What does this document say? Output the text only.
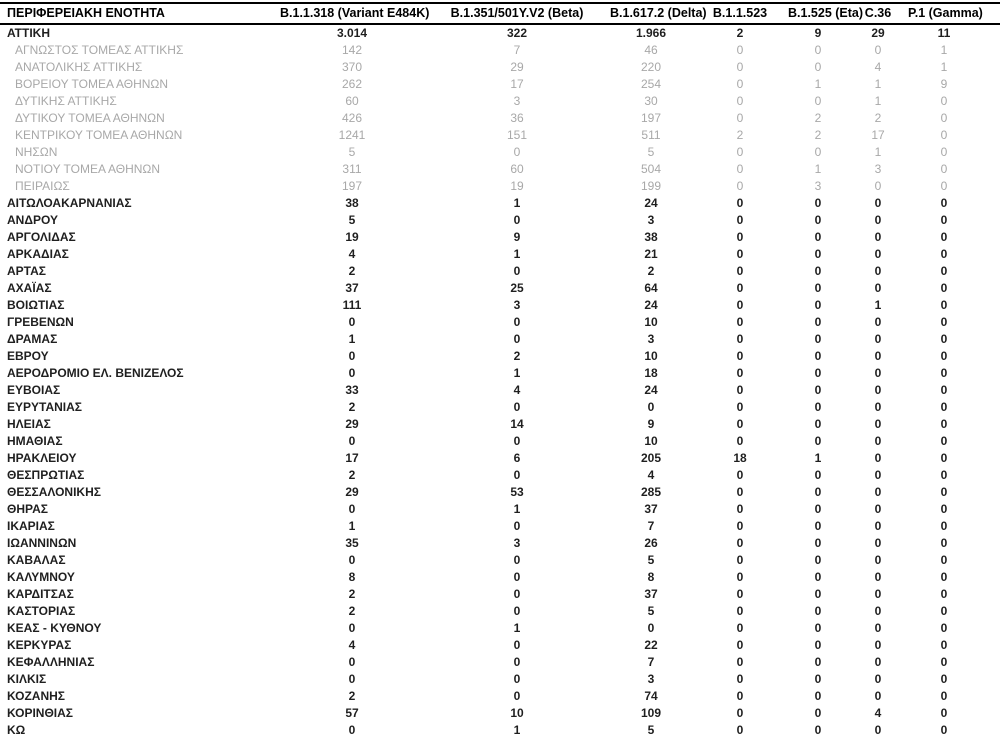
ΠΕΡΙΦΕΡΕΙΑΚΗ ΕΝΟΤΗΤΑ	B.1.1.318 (Variant E484K)	B.1.351/501Y.V2 (Beta)	B.1.617.2 (Delta)	B.1.1.523	B.1.525 (Eta)	C.36	P.1 (Gamma)	
ΑΤΤΙΚΗ	3.014	322	1.966	2	9	29	11	
ΑΓΝΩΣΤΟΣ ΤΟΜΕΑΣ ΑΤΤΙΚΗΣ	142	7	46	0	0	0	1	
ΑΝΑΤΟΛΙΚΗΣ ΑΤΤΙΚΗΣ	370	29	220	0	0	4	1	
ΒΟΡΕΙΟΥ ΤΟΜΕΑ ΑΘΗΝΩΝ	262	17	254	0	1	1	9	
ΔΥΤΙΚΗΣ ΑΤΤΙΚΗΣ	60	3	30	0	0	1	0	
ΔΥΤΙΚΟΥ ΤΟΜΕΑ ΑΘΗΝΩΝ	426	36	197	0	2	2	0	
ΚΕΝΤΡΙΚΟΥ ΤΟΜΕΑ ΑΘΗΝΩΝ	1241	151	511	2	2	17	0	
ΝΗΣΩΝ	5	0	5	0	0	1	0	
ΝΟΤΙΟΥ ΤΟΜΕΑ ΑΘΗΝΩΝ	311	60	504	0	1	3	0	
ΠΕΙΡΑΙΩΣ	197	19	199	0	3	0	0	
ΑΙΤΩΛΟΑΚΑΡΝΑΝΙΑΣ	38	1	24	0	0	0	0	
ΑΝΔΡΟΥ	5	0	3	0	0	0	0	
ΑΡΓΟΛΙΔΑΣ	19	9	38	0	0	0	0	
ΑΡΚΑΔΙΑΣ	4	1	21	0	0	0	0	
ΑΡΤΑΣ	2	0	2	0	0	0	0	
ΑΧΑΪΑΣ	37	25	64	0	0	0	0	
ΒΟΙΩΤΙΑΣ	111	3	24	0	0	1	0	
ΓΡΕΒΕΝΩΝ	0	0	10	0	0	0	0	
ΔΡΑΜΑΣ	1	0	3	0	0	0	0	
ΕΒΡΟΥ	0	2	10	0	0	0	0	
ΑΕΡΟΔΡΟΜΙΟ ΕΛ. ΒΕΝΙΖΕΛΟΣ	0	1	18	0	0	0	0	
ΕΥΒΟΙΑΣ	33	4	24	0	0	0	0	
ΕΥΡΥΤΑΝΙΑΣ	2	0	0	0	0	0	0	
ΗΛΕΙΑΣ	29	14	9	0	0	0	0	
ΗΜΑΘΙΑΣ	0	0	10	0	0	0	0	
ΗΡΑΚΛΕΙΟΥ	17	6	205	18	1	0	0	
ΘΕΣΠΡΩΤΙΑΣ	2	0	4	0	0	0	0	
ΘΕΣΣΑΛΟΝΙΚΗΣ	29	53	285	0	0	0	0	
ΘΗΡΑΣ	0	1	37	0	0	0	0	
ΙΚΑΡΙΑΣ	1	0	7	0	0	0	0	
ΙΩΑΝΝΙΝΩΝ	35	3	26	0	0	0	0	
ΚΑΒΑΛΑΣ	0	0	5	0	0	0	0	
ΚΑΛΥΜΝΟΥ	8	0	8	0	0	0	0	
ΚΑΡΔΙΤΣΑΣ	2	0	37	0	0	0	0	
ΚΑΣΤΟΡΙΑΣ	2	0	5	0	0	0	0	
ΚΕΑΣ - ΚΥΘΝΟΥ	0	1	0	0	0	0	0	
ΚΕΡΚΥΡΑΣ	4	0	22	0	0	0	0	
ΚΕΦΑΛΛΗΝΙΑΣ	0	0	7	0	0	0	0	
ΚΙΛΚΙΣ	0	0	3	0	0	0	0	
ΚΟΖΑΝΗΣ	2	0	74	0	0	0	0	
ΚΟΡΙΝΘΙΑΣ	57	10	109	0	0	4	0	
ΚΩ	0	1	5	0	0	0	0	
